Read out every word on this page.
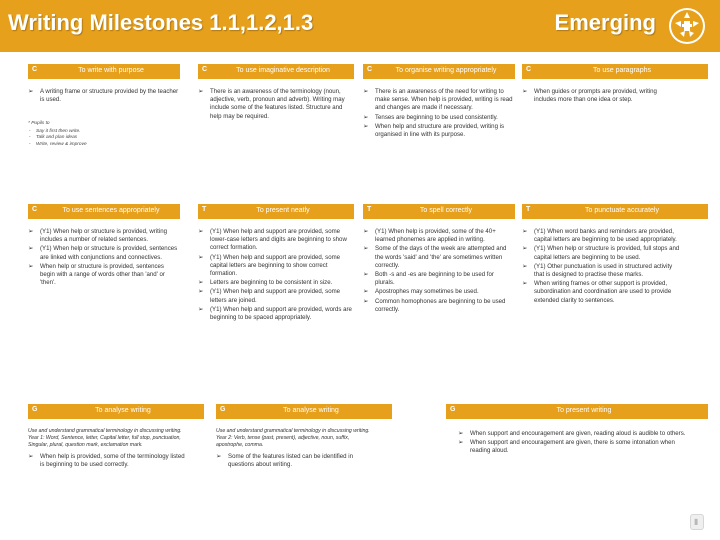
Writing Milestones 1.1,1.2,1.3	Emerging
C	To write with purpose
➢ A writing frame or structure provided by the teacher is used.
* Pupils to
- Say it first then write.
- Talk and plan ideas
- Write, review & improve
C	To use imaginative description
➢ There is an awareness of the terminology (noun, adjective, verb, pronoun and adverb). Writing may include some of the features listed. Structure and help may be required.
C	To organise writing appropriately
➢ There is an awareness of the need for writing to make sense. When help is provided, writing is read and changes are made if necessary.
➢ Tenses are beginning to be used consistently.
➢ When help and structure are provided, writing is organised in line with its purpose.
C	To use paragraphs
➢ When guides or prompts are provided, writing includes more than one idea or step.
C	To use sentences appropriately
➢ (Y1) When help or structure is provided, writing includes a number of related sentences.
➢ (Y1) When help or structure is provided, sentences are linked with conjunctions and connectives.
➢ When help or structure is provided, sentences begin with a range of words other than 'and' or 'then'.
T	To present neatly
➢ (Y1) When help and support are provided, some lower-case letters and digits are beginning to show correct formation.
➢ (Y1) When help and support are provided, some capital letters are beginning to show correct formation.
➢ Letters are beginning to be consistent in size.
➢ (Y1) When help and support are provided, some letters are joined.
➢ (Y1) When help and support are provided, words are beginning to be spaced appropriately.
T	To spell correctly
➢ (Y1) When help is provided, some of the 40+ learned phonemes are applied in writing.
➢ Some of the days of the week are attempted and the words 'said' and 'the' are sometimes written correctly.
➢ Both -s and -es are beginning to be used for plurals.
➢ Apostrophes may sometimes be used.
➢ Common homophones are beginning to be used correctly.
T	To punctuate accurately
➢ (Y1) When word banks and reminders are provided, capital letters are beginning to be used appropriately.
➢ (Y1) When help or structure is provided, full stops and capital letters are beginning to be used.
➢ (Y1) Other punctuation is used in structured activity that is designed to practise these marks.
➢ When writing frames or other support is provided, subordination and coordination are used to provide extended clarity to sentences.
G	To analyse writing
Use and understand grammatical terminology in discussing writing. Year 1: Word, Sentence, letter, Capital letter, full stop, punctuation, Singular, plural, question mark, exclamation mark.
➢ When help is provided, some of the terminology listed is beginning to be used correctly.
G	To analyse writing
Use and understand grammatical terminology in discussing writing. Year 2: Verb, tense (past, present), adjective, noun, suffix, apostrophe, comma.
➢ Some of the features listed can be identified in questions about writing.
G	To present writing
➢ When support and encouragement are given, reading aloud is audible to others.
➢ When support and encouragement are given, there is some intonation when reading aloud.
▮
